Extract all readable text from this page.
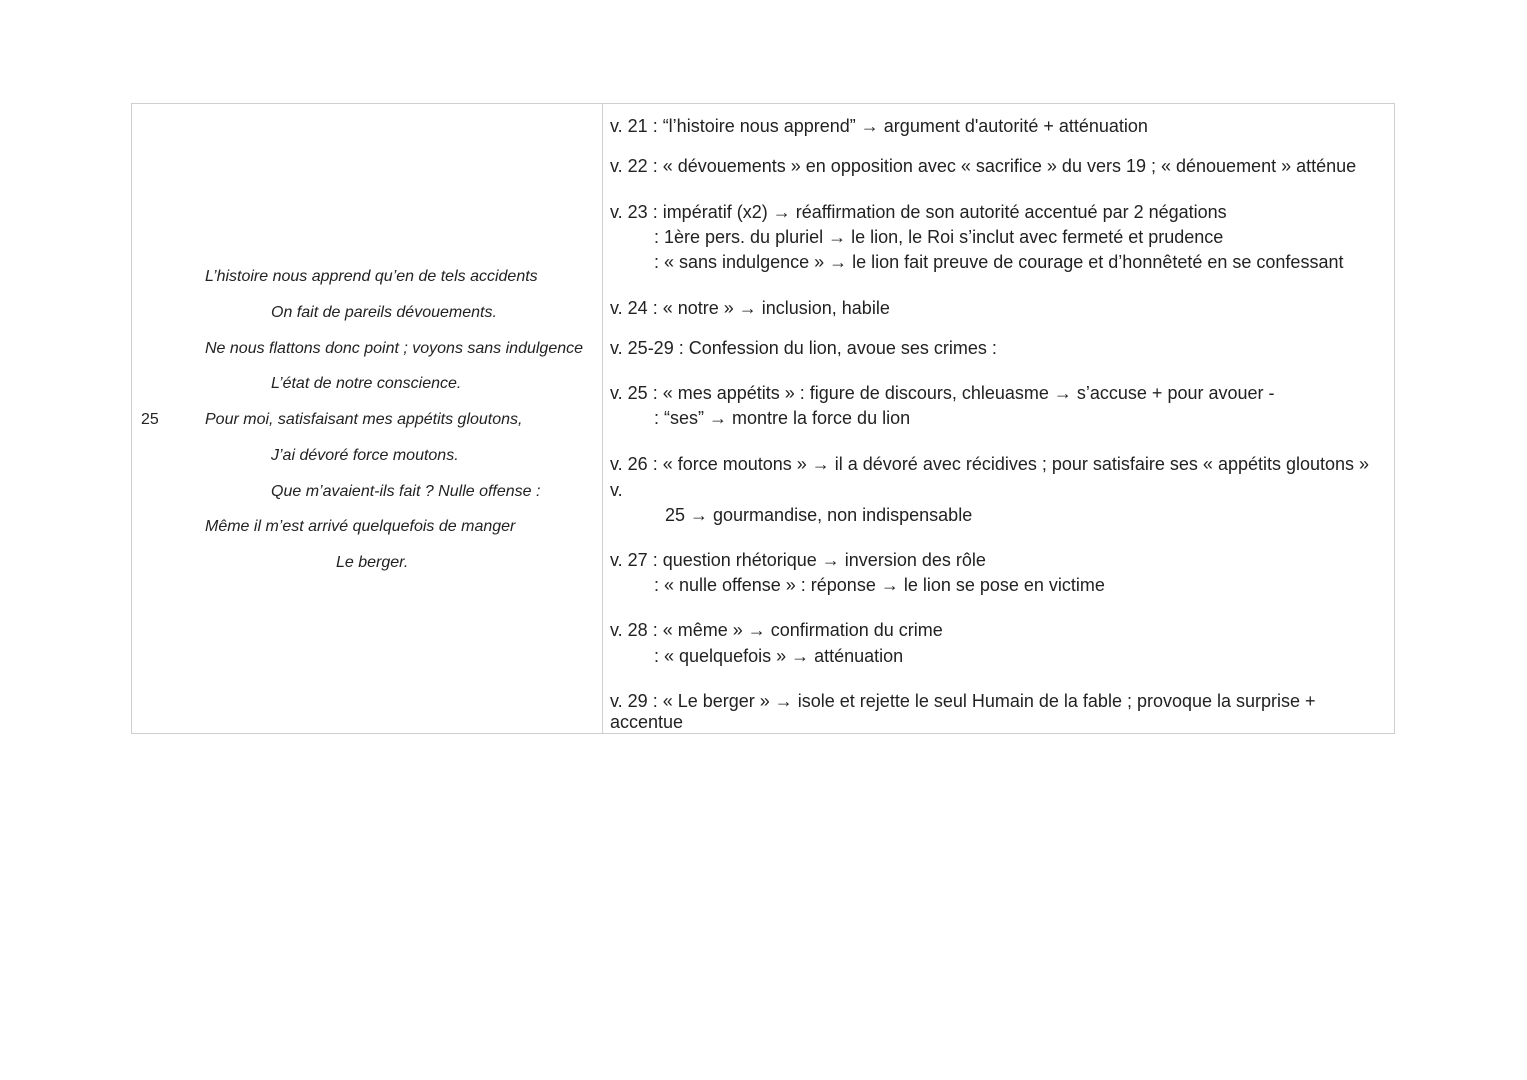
L’histoire nous apprend qu’en de tels accidents
On fait de pareils dévouements.
Ne nous flattons donc point ; voyons sans indulgence
L’état de notre conscience.
25	Pour moi, satisfaisant mes appétits gloutons,
J’ai dévoré force moutons.
Que m’avaient-ils fait ? Nulle offense :
Même il m’est arrivé quelquefois de manger
Le berger.
v. 21 : “l’histoire nous apprend” → argument d'autorité + atténuation
v. 22 : « dévouements » en opposition avec « sacrifice » du vers 19 ; « dénouement » atténue
v. 23 : impératif (x2) → réaffirmation de son autorité accentué par 2 négations
: 1ère pers. du pluriel → le lion, le Roi s’inclut avec fermeté et prudence
: « sans indulgence » → le lion fait preuve de courage et d’honnêteté en se confessant
v. 24 : « notre » → inclusion, habile
v. 25-29 : Confession du lion, avoue ses crimes :
v. 25 : « mes appétits » : figure de discours, chleuasme → s’accuse + pour avouer -
: “ses” → montre la force du lion
v. 26 : « force moutons » → il a dévoré avec récidives ; pour satisfaire ses « appétits gloutons »
v.
25 → gourmandise, non indispensable
v. 27 : question rhétorique → inversion des rôle
: « nulle offense » : réponse → le lion se pose en victime
v. 28 : « même » → confirmation du crime
: « quelquefois » → atténuation
v. 29 : « Le berger » → isole et rejette le seul Humain de la fable ; provoque la surprise +
accentue
